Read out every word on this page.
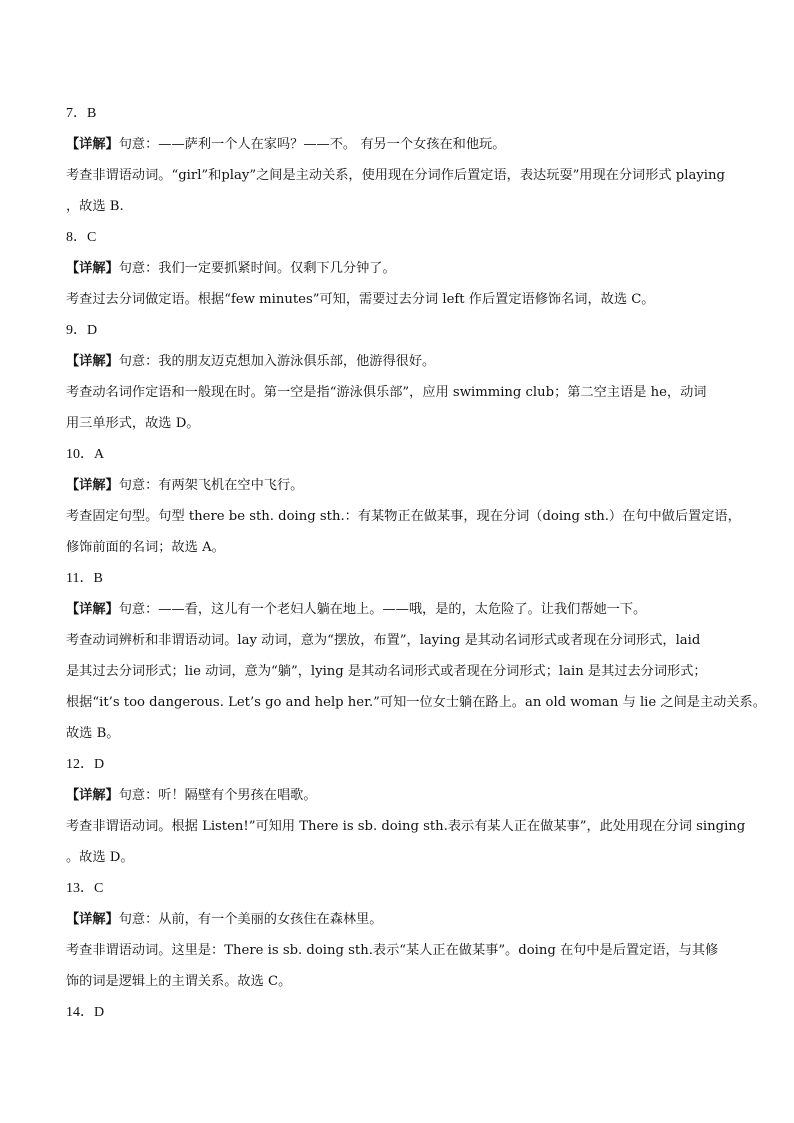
7．B
【详解】句意：——萨利一个人在家吗？——不。 有另一个女孩在和他玩。
考查非谓语动词。“girl”和play”之间是主动关系，使用现在分词作后置定语，表达玩耍”用现在分词形式 playing
，故选 B.
8．C
【详解】句意：我们一定要抓紧时间。仅剩下几分钟了。
考查过去分词做定语。根据“few minutes”可知，需要过去分词 left 作后置定语修饰名词，故选 C。
9．D
【详解】句意：我的朋友迈克想加入游泳俱乐部，他游得很好。
考查动名词作定语和一般现在时。第一空是指“游泳俱乐部”，应用 swimming club；第二空主语是 he，动词
用三单形式，故选 D。
10．A
【详解】句意：有两架飞机在空中飞行。
考查固定句型。句型 there be sth. doing sth.：有某物正在做某事，现在分词（doing sth.）在句中做后置定语，
修饰前面的名词；故选 A。
11．B
【详解】句意：——看，这儿有一个老妇人躺在地上。——哦，是的，太危险了。让我们帮她一下。
考查动词辨析和非谓语动词。lay 动词，意为“摆放，布置”，laying 是其动名词形式或者现在分词形式，laid
是其过去分词形式；lie 动词，意为“躺”，lying 是其动名词形式或者现在分词形式；lain 是其过去分词形式；
根据“it’s too dangerous. Let’s go and help her.”可知一位女士躺在路上。an old woman 与 lie 之间是主动关系。
故选 B。
12．D
【详解】句意：听！隔壁有个男孩在唱歌。
考查非谓语动词。根据 Listen!”可知用 There is sb. doing sth.表示有某人正在做某事”，此处用现在分词 singing
。故选 D。
13．C
【详解】句意：从前，有一个美丽的女孩住在森林里。
考查非谓语动词。这里是：There is sb. doing sth.表示“某人正在做某事”。doing 在句中是后置定语，与其修
饰的词是逻辑上的主谓关系。故选 C。
14．D
